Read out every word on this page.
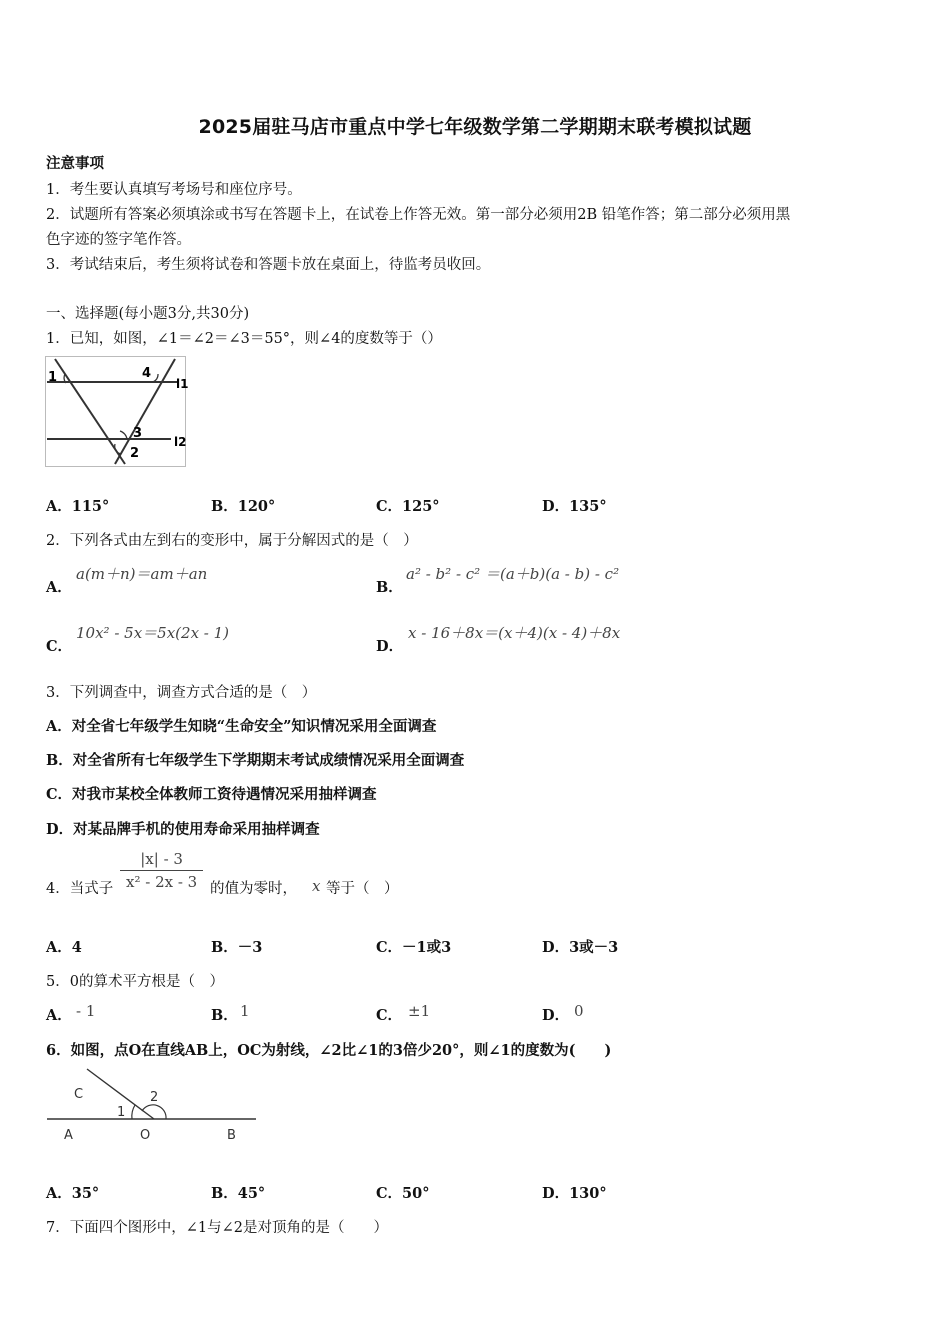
2025届驻马店市重点中学七年级数学第二学期期末联考模拟试题
注意事项
1．考生要认真填写考场号和座位序号。
2．试题所有答案必须填涂或书写在答题卡上，在试卷上作答无效。第一部分必须用2B 铅笔作答；第二部分必须用黑
色字迹的签字笔作答。
3．考试结束后，考生须将试卷和答题卡放在桌面上，待监考员收回。
一、选择题(每小题3分,共30分)
1．已知，如图，∠1＝∠2＝∠3＝55°，则∠4的度数等于（）
1	4
l1
3
l2
2
A．115°	B．120°	C．125°	D．135°
2．下列各式由左到右的变形中，属于分解因式的是（　）
A．
a(m＋n)＝am＋an
B．
a² - b² - c² ＝(a＋b)(a - b) - c²
C．
10x² - 5x＝5x(2x - 1)
D．
x - 16＋8x＝(x＋4)(x - 4)＋8x
3．下列调查中，调查方式合适的是（　）
A．对全省七年级学生知晓“生命安全”知识情况采用全面调查
B．对全省所有七年级学生下学期期末考试成绩情况采用全面调查
C．对我市某校全体教师工资待遇情况采用抽样调查
D．对某品牌手机的使用寿命采用抽样调查
4．当式子 $\frac{|x| - 3}{\text{x² - 2x - 3}}$ 的值为零时， x 等于（　）
A．4	B．－3	C．－1或3	D．3或－3
5．0的算术平方根是（　）
A． - 1	B． 1	C． ±1	D． 0
6．如图，点O在直线AB上，OC为射线，∠2比∠1的3倍少20°，则∠1的度数为(　　)
C	2
1
A	O	B
A．35°	B．45°	C．50°	D．130°
7．下面四个图形中，∠1与∠2是对顶角的是（　　）
